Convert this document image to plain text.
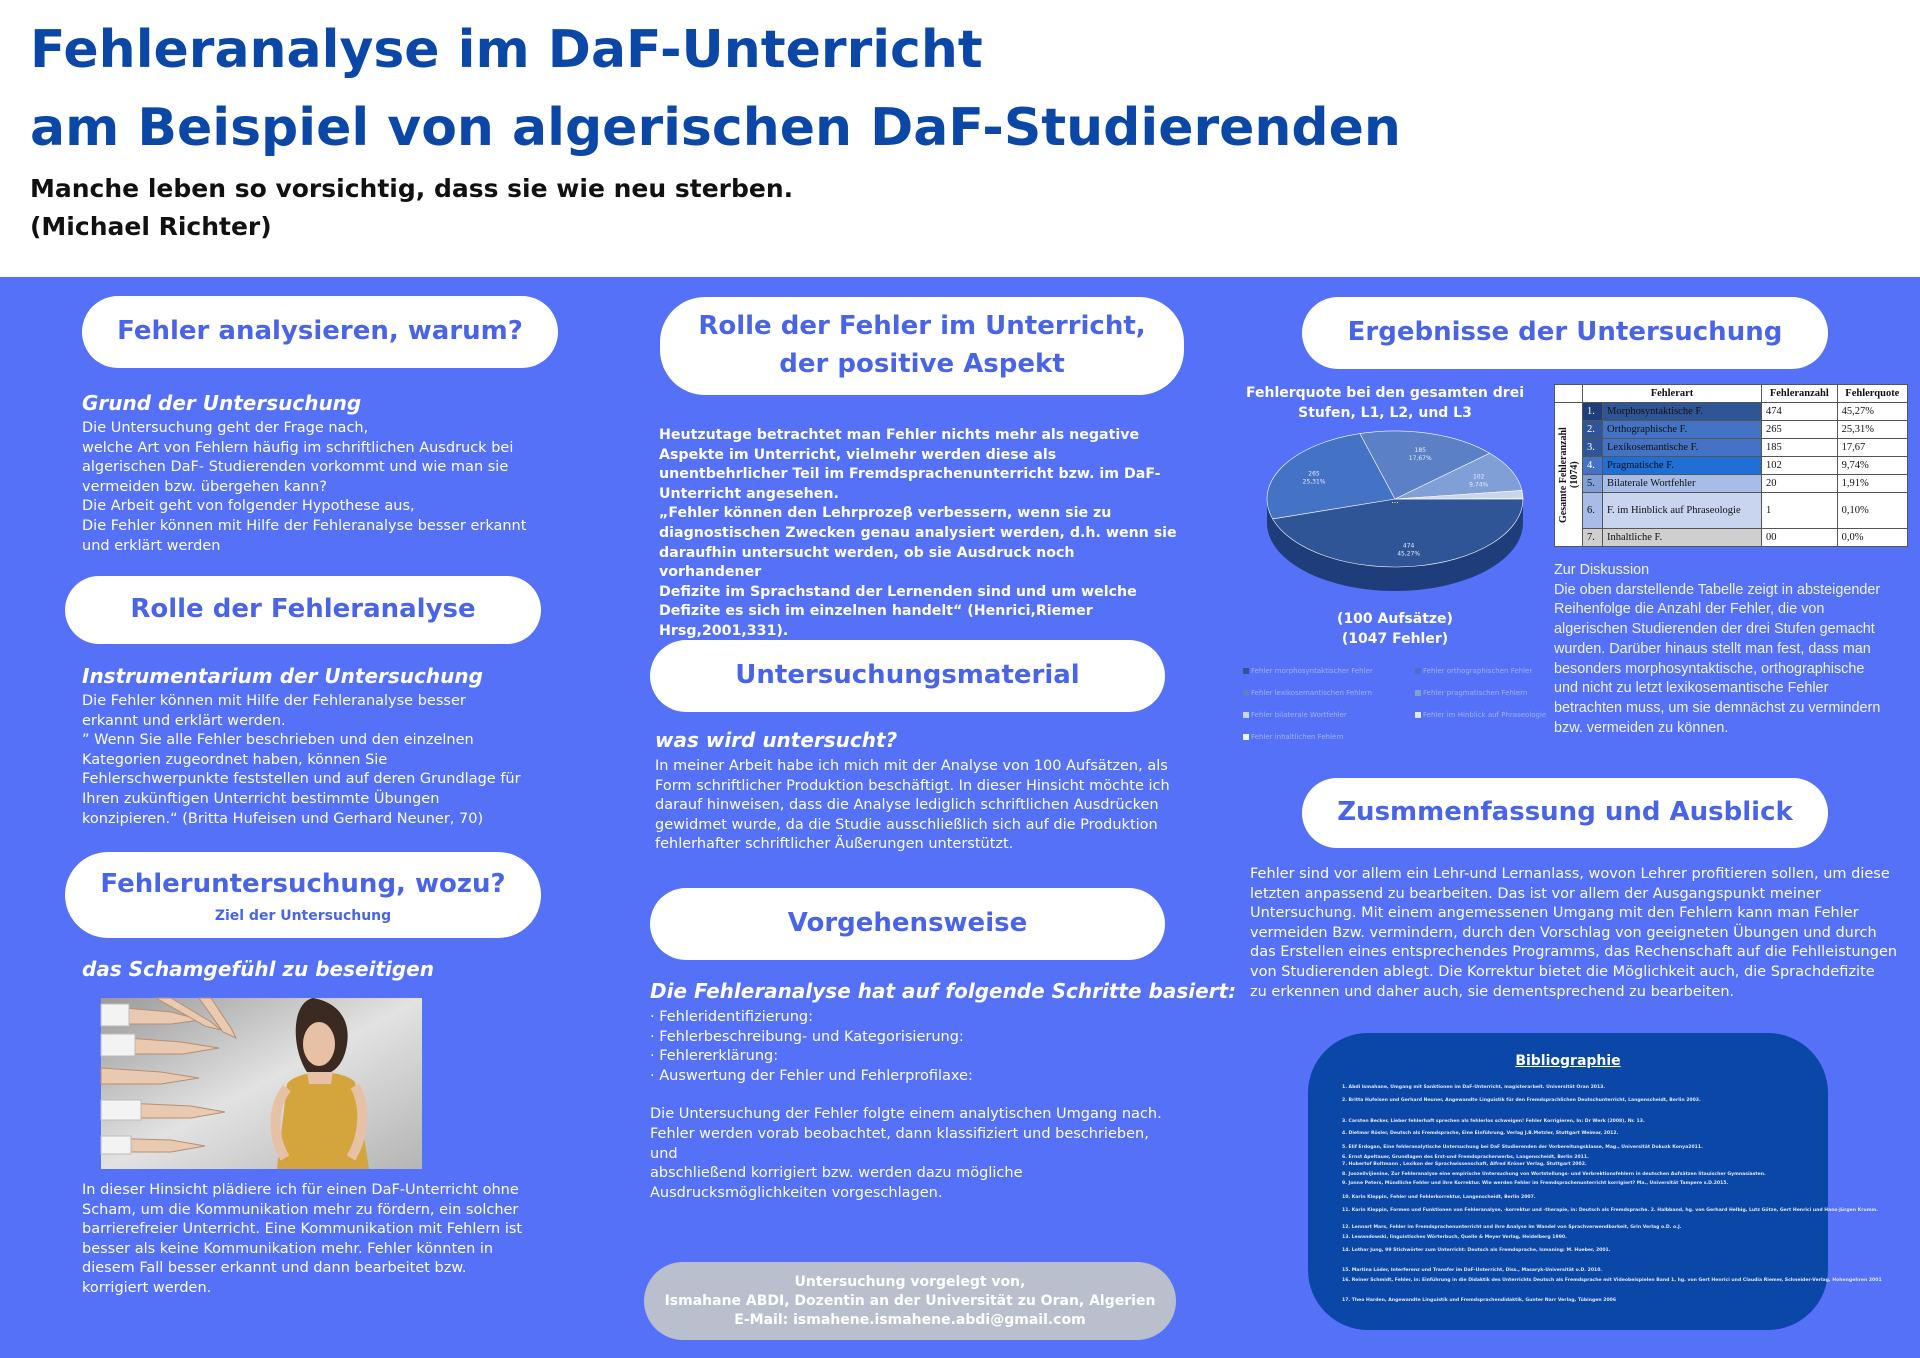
Fehleranalyse im DaF-Unterricht
am Beispiel von algerischen DaF-Studierenden
Manche leben so vorsichtig, dass sie wie neu sterben.
(Michael Richter)
Fehler analysieren, warum?
Grund der Untersuchung

Die Untersuchung geht der Frage nach,

welche Art von Fehlern häufig im schriftlichen Ausdruck bei

algerischen DaF- Studierenden vorkommt und wie man sie

vermeiden bzw. übergehen kann?

Die Arbeit geht von folgender Hypothese aus,

Die Fehler können mit Hilfe der Fehleranalyse besser erkannt

und erklärt werden

Rolle der Fehleranalyse
Instrumentarium der Untersuchung

Die Fehler können mit Hilfe der Fehleranalyse besser

erkannt und erklärt werden.

” Wenn Sie alle Fehler beschrieben und den einzelnen

Kategorien zugeordnet haben, können Sie

Fehlerschwerpunkte feststellen und auf deren Grundlage für

Ihren zukünftigen Unterricht bestimmte Übungen

konzipieren.“ (Britta Hufeisen und Gerhard Neuner, 70)

Fehleruntersuchung, wozu?
Ziel der Untersuchung
das Schamgefühl zu beseitigen

In dieser Hinsicht plädiere ich für einen DaF-Unterricht ohne

Scham, um die Kommunikation mehr zu fördern, ein solcher

barrierefreier Unterricht. Eine Kommunikation mit Fehlern ist

besser als keine Kommunikation mehr. Fehler könnten in

diesem Fall besser erkannt und dann bearbeitet bzw.

korrigiert werden.

Rolle der Fehler im Unterricht,
der positive Aspekt

Heutzutage betrachtet man Fehler nichts mehr als negative

Aspekte im Unterricht, vielmehr werden diese als

unentbehrlicher Teil im Fremdsprachenunterricht bzw. im DaF-

Unterricht angesehen.

„Fehler können den Lehrprozeβ verbessern, wenn sie zu

diagnostischen Zwecken genau analysiert werden, d.h. wenn sie

daraufhin untersucht werden, ob sie Ausdruck noch vorhandener

Defizite im Sprachstand der Lernenden sind und um welche

Defizite es sich im einzelnen handelt“ (Henrici,Riemer

Hrsg,2001,331).

Untersuchungsmaterial
was wird untersucht?

In meiner Arbeit habe ich mich mit der Analyse von 100 Aufsätzen, als

Form schriftlicher Produktion beschäftigt. In dieser Hinsicht möchte ich

darauf hinweisen, dass die Analyse lediglich schriftlichen Ausdrücken

gewidmet wurde, da die Studie ausschließlich sich auf die Produktion

fehlerhafter schriftlicher Äußerungen unterstützt.

Vorgehensweise
Die Fehleranalyse hat auf folgende Schritte basiert:

· Fehleridentifizierung:

· Fehlerbeschreibung- und Kategorisierung:

· Fehlererklärung:

· Auswertung der Fehler und Fehlerprofilaxe:

Die Untersuchung der Fehler folgte einem analytischen Umgang nach.

Fehler werden vorab beobachtet, dann klassifiziert und beschrieben, und

abschließend korrigiert bzw. werden dazu mögliche

Ausdrucksmöglichkeiten vorgeschlagen.

Ergebnisse der Untersuchung
Fehlerquote bei den gesamten drei Stufen, L1, L2, und L3
474
45,27%
265
25,31%
185
17,67%
102
9,74%
...
(100 Aufsätze)
(1047 Fehler)
Fehler morphosyntaktischer Fehler	Fehler orthographischen Fehler
Fehler lexikosemantischen Fehlern	Fehler pragmatischen Fehlern
Fehler bilaterale Wortfehler	Fehler im Hinblick auf Phraseologie
Fehler inhaltlichen Fehlern
	Fehlerart		Fehleranzahl	Fehlerquote

Gesamte Fehleranzahl (1074)	1.	Morphosyntaktische F.	474	45,27%
	2.	Orthographische F.	265	25,31%
	3.	Lexikosemantische F.	185	17,67
	4.	Pragmatische F.	102	9,74%
	5.	Bilaterale Wortfehler	20	1,91%
	6.	F. im Hinblick auf Phraseologie	1	0,10%
	7.	Inhaltliche F.	00	0,0%

Zur Diskussion

Die oben darstellende Tabelle zeigt in absteigender

Reihenfolge die Anzahl der Fehler, die von

algerischen Studierenden der drei Stufen gemacht

wurden. Darüber hinaus stellt man fest, dass man

besonders morphosyntaktische, orthographische

und nicht zu letzt lexikosemantische Fehler

betrachten muss, um sie demnächst zu vermindern

bzw. vermeiden zu können.

Zusmmenfassung und Ausblick

Fehler sind vor allem ein Lehr-und Lernanlass, wovon Lehrer profitieren sollen, um diese

letzten anpassend zu bearbeiten. Das ist vor allem der Ausgangspunkt meiner

Untersuchung. Mit einem angemessenen Umgang mit den Fehlern kann man Fehler

vermeiden Bzw. vermindern, durch den Vorschlag von geeigneten Übungen und durch

das Erstellen eines entsprechendes Programms, das Rechenschaft auf die Fehlleistungen

von Studierenden ablegt. Die Korrektur bietet die Möglichkeit auch, die Sprachdefizite

zu erkennen und daher auch, sie dementsprechend zu bearbeiten.

Bibliographie
1. Abdi Ismahane, Umgang mit Sanktionen im DaF-Unterricht, magisterarbeit. Universität Oran 2013.
2. Britta Hufeisen und Gerhard Neuner, Angewandte Linguistik für den Fremdsprachlichen Deutschunterricht, Langenscheidt, Berlin 2003.
3. Carsten Becker, Lieber fehlerhaft sprechen als fehlerlos schweigen! Fehler Korrigieren, In: Dr Werk (2008), Nr. 13.
4. Dietmar Rösler, Deutsch als Fremdsprache, Eine Einführung, Verlag J.B.Metzler, Stuttgart Weimar, 2012.
5. Elif Erdogan, Eine fehleranalytische Untersuchung bei DaF Studierenden der Vorbereitungsklasse, Mag., Universität Dokuzk Konya2011.
6. Ernst Apeltauer, Grundlagen des Erst-und Fremdspracherwerbs, Langenscheidt, Berlin 2011.
7. Hubertof Boltmann , Lexikon der Sprachwissenschaft, Alfred Kröner Verlag, Stuttgart 2002.
8. Juozeilvijienine, Zur Fehleranalyse eine empirische Untersuchung von Wortstellungs- und Verbrektionsfehlern in deutschen Aufsätzen litauischer Gymnasiasten.
9. Jonne Peters, Mündliche Fehler und ihre Korrektur. Wie werden Fehler im Fremdsprachenunterricht korrigiert? Ma., Universität Tampere s.D.2015.
10. Karin Kleppin, Fehler und Fehlerkorrektur, Langenscheidt, Berlin 2007.
11. Karin Kleppin, Formen und Funktionen von Fehleranalyse, -korrektur und -therapie, in: Deutsch als Fremdsprache. 2. Halbband, hg. von Gerhard Helbig, Lutz Götze, Gert Henrici und Hans-Jürgen Krumm.
12. Lennart Mars, Fehler im Fremdsprachenunterricht und ihre Analyse im Wandel von Sprachverwendbarkeit, Grin Verlag o.D. o.J.
13. Lewandowski, linguistisches Wörterbuch, Quelle & Meyer Verlag, Heidelberg 1990.
14. Lothar Jung, 99 Stichwörter zum Unterricht: Deutsch als Fremdsprache, Ismaning: M. Hueber, 2001.
15. Martina Löder, Interferenz und Transfer im DaF-Unterricht, Diss., Masaryk-Universität o.D. 2010.
16. Reiner Schmidt, Fehler, in: Einführung in die Didaktik des Unterrichts Deutsch als Fremdsprache mit Videobeispielen Band 1, hg. von Gert Henrici und Claudia Riemer, Schneider-Verlag, Hohengehren 2001
17. Theo Harden, Angewandte Linguistik und Fremdsprachendidaktik, Gunter Narr Verlag, Tübingen 2006
Untersuchung vorgelegt von,
Ismahane ABDI, Dozentin an der Universität zu Oran, Algerien
E-Mail: ismahene.ismahene.abdi@gmail.com
